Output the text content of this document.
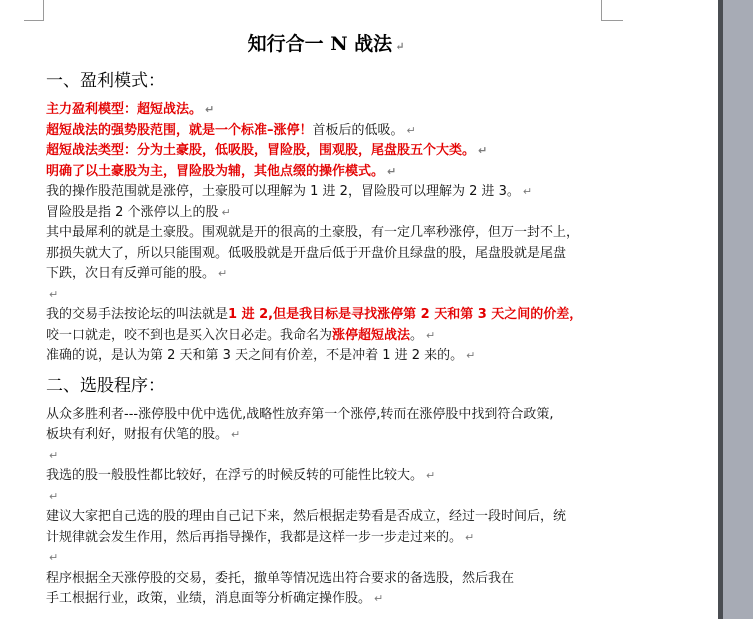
知行合一 N 战法 ↵
一、盈利模式：
主力盈利模型：超短战法。 ↵
超短战法的强势股范围，就是一个标准–涨停！首板后的低吸。 ↵
超短战法类型：分为土豪股，低吸股，冒险股，围观股，尾盘股五个大类。 ↵
明确了以土豪股为主，冒险股为辅，其他点缀的操作模式。 ↵
我的操作股范围就是涨停，土豪股可以理解为 1 进 2，冒险股可以理解为 2 进 3。 ↵
冒险股是指 2 个涨停以上的股 ↵
其中最犀利的就是土豪股。围观就是开的很高的土豪股，有一定几率秒涨停，但万一封不上，
那损失就大了，所以只能围观。低吸股就是开盘后低于开盘价且绿盘的股，尾盘股就是尾盘
下跌，次日有反弹可能的股。 ↵
↵
我的交易手法按论坛的叫法就是1 进 2,但是我目标是寻找涨停第 2 天和第 3 天之间的价差，
咬一口就走，咬不到也是买入次日必走。我命名为涨停超短战法。 ↵
准确的说，是认为第 2 天和第 3 天之间有价差，不是冲着 1 进 2 来的。 ↵
二、选股程序：
从众多胜利者---涨停股中优中选优,战略性放弃第一个涨停,转而在涨停股中找到符合政策,
板块有利好，财报有伏笔的股。 ↵
↵
我选的股一般股性都比较好，在浮亏的时候反转的可能性比较大。 ↵
↵
建议大家把自己选的股的理由自己记下来，然后根据走势看是否成立，经过一段时间后，统
计规律就会发生作用，然后再指导操作，我都是这样一步一步走过来的。 ↵
↵
程序根据全天涨停股的交易，委托，撤单等情况选出符合要求的备选股，然后我在
手工根据行业，政策，业绩，消息面等分析确定操作股。 ↵
